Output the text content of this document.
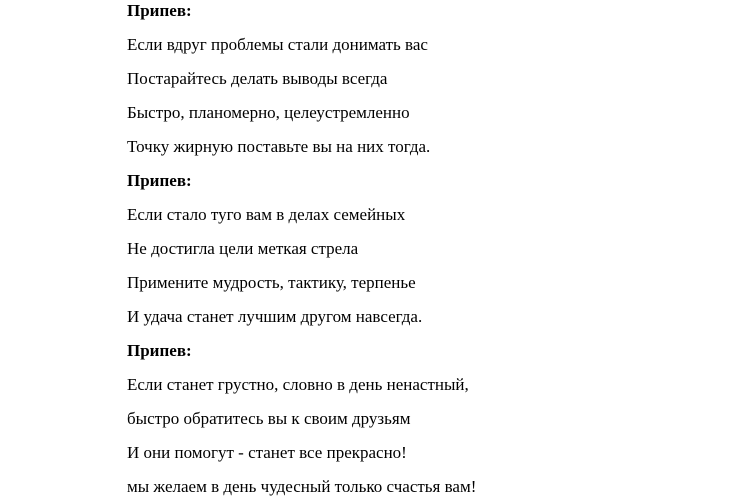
Припев:

Если вдруг проблемы стали донимать вас

Постарайтесь делать выводы всегда

Быстро, планомерно, целеустремленно

Точку жирную поставьте вы на них тогда.

Припев:

Если стало туго вам в делах семейных

Не достигла цели меткая стрела

Примените мудрость, тактику, терпенье

И удача станет лучшим другом навсегда.

Припев:

Если станет грустно, словно в день ненастный,

быстро обратитесь вы к своим друзьям

И они помогут - станет все прекрасно!

мы желаем в день чудесный только счастья вам!
